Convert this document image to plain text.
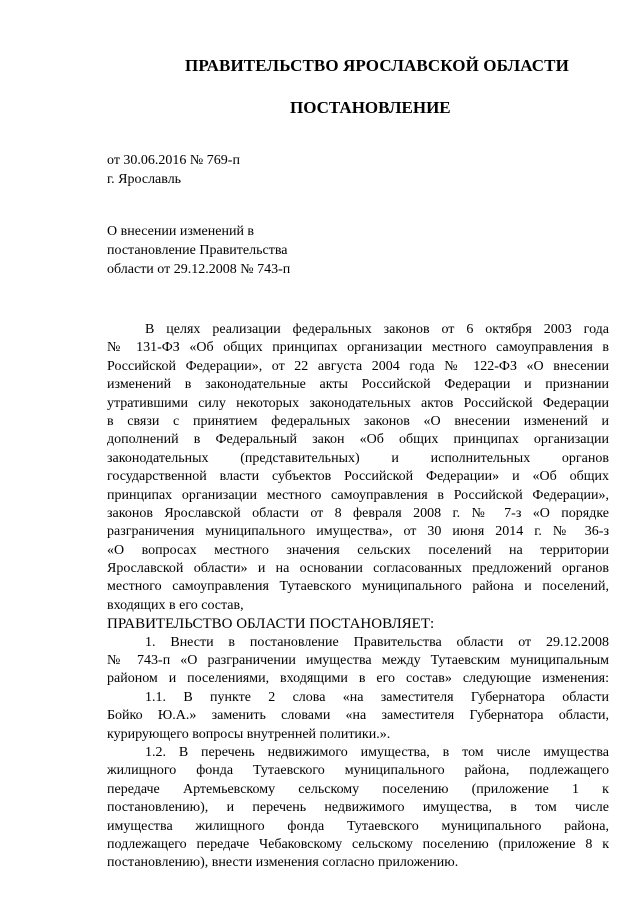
ПРАВИТЕЛЬСТВО ЯРОСЛАВСКОЙ ОБЛАСТИ
ПОСТАНОВЛЕНИЕ
от 30.06.2016 № 769-п
г. Ярославль
О внесении изменений в
постановление Правительства
области от 29.12.2008 № 743-п
В целях реализации федеральных законов от 6 октября 2003 года
№ 131-ФЗ «Об общих принципах организации местного самоуправления в
Российской Федерации», от 22 августа 2004 года № 122-ФЗ «О внесении
изменений в законодательные акты Российской Федерации и признании
утратившими силу некоторых законодательных актов Российской Федерации
в связи с принятием федеральных законов «О внесении изменений и
дополнений в Федеральный закон «Об общих принципах организации
законодательных (представительных) и исполнительных органов
государственной власти субъектов Российской Федерации» и «Об общих
принципах организации местного самоуправления в Российской Федерации»,
законов Ярославской области от 8 февраля 2008 г. № 7-з «О порядке
разграничения муниципального имущества», от 30 июня 2014 г. № 36-з
«О вопросах местного значения сельских поселений на территории
Ярославской области» и на основании согласованных предложений органов
местного самоуправления Тутаевского муниципального района и поселений,
входящих в его состав,
ПРАВИТЕЛЬСТВО ОБЛАСТИ ПОСТАНОВЛЯЕТ:
1. Внести в постановление Правительства области от 29.12.2008
№ 743-п «О разграничении имущества между Тутаевским муниципальным
районом и поселениями, входящими в его состав» следующие изменения:
1.1. В пункте 2 слова «на заместителя Губернатора области
Бойко Ю.А.» заменить словами «на заместителя Губернатора области,
курирующего вопросы внутренней политики.».
1.2. В перечень недвижимого имущества, в том числе имущества
жилищного фонда Тутаевского муниципального района, подлежащего
передаче Артемьевскому сельскому поселению (приложение 1 к
постановлению), и перечень недвижимого имущества, в том числе
имущества жилищного фонда Тутаевского муниципального района,
подлежащего передаче Чебаковскому сельскому поселению (приложение 8 к
постановлению), внести изменения согласно приложению.
